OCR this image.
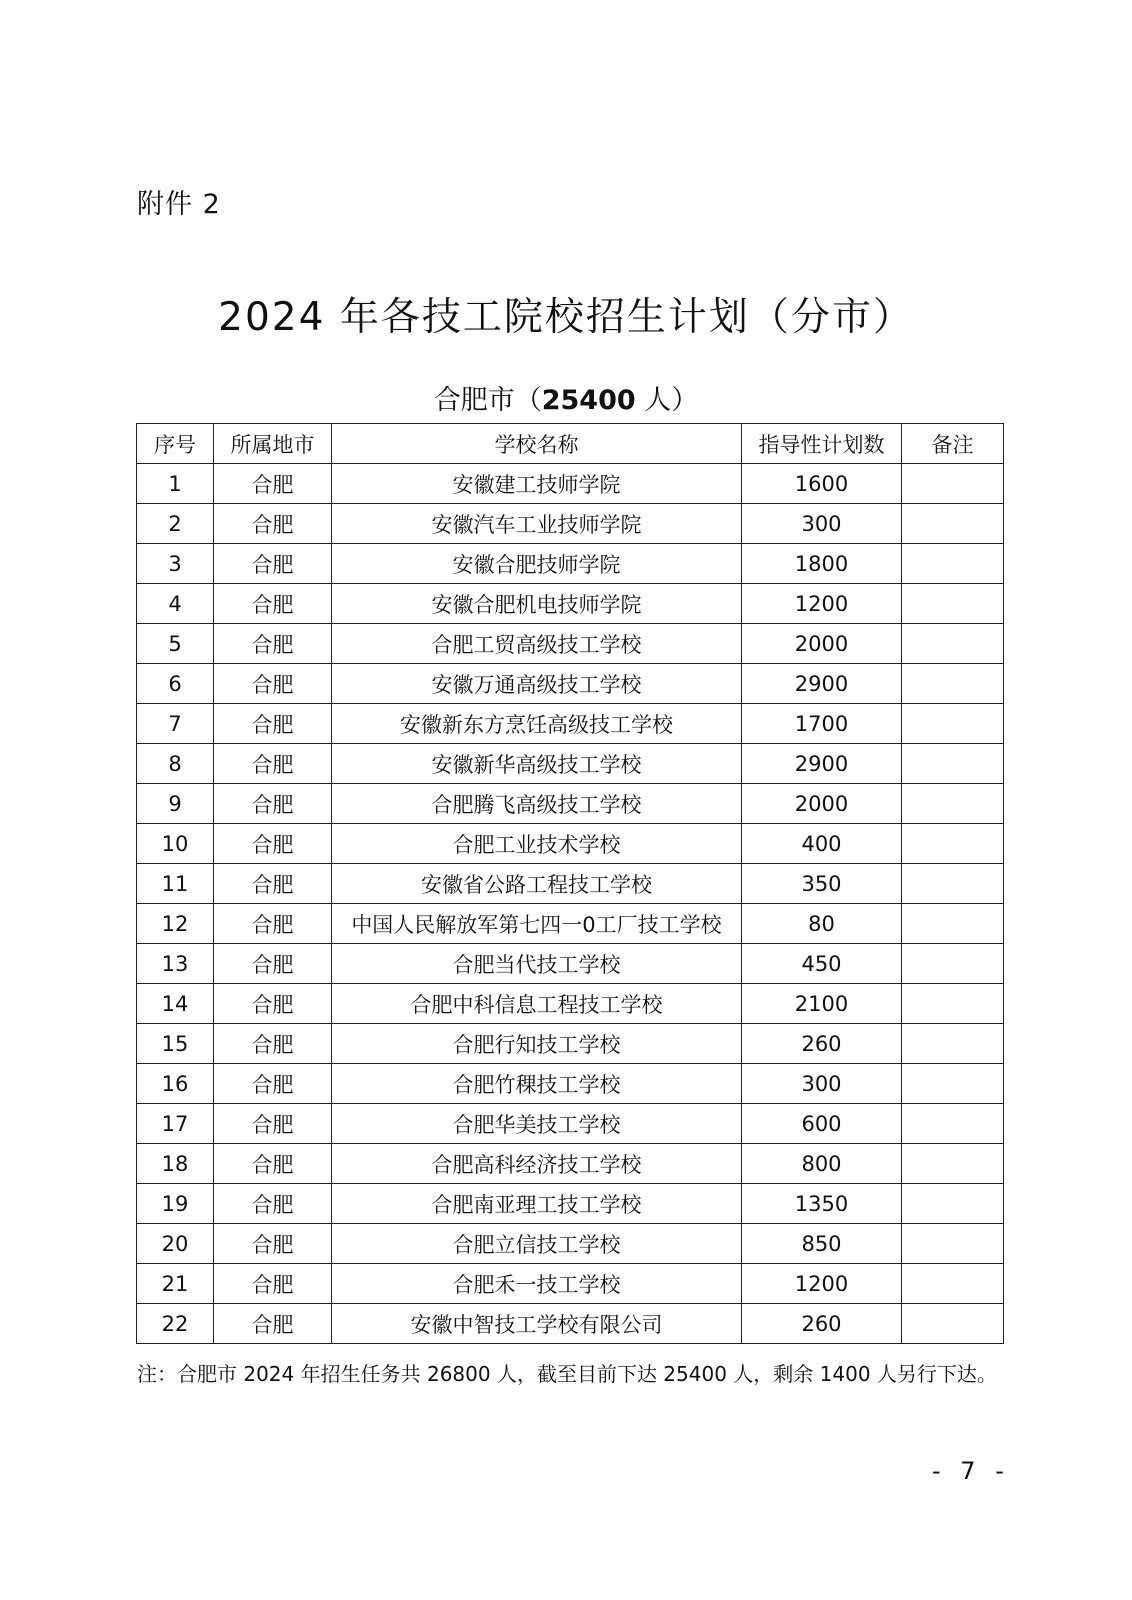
附件 2
2024 年各技工院校招生计划（分市）
合肥市（25400 人）
序号	所属地市	学校名称	指导性计划数	备注
1	合肥	安徽建工技师学院	1600	
2	合肥	安徽汽车工业技师学院	300	
3	合肥	安徽合肥技师学院	1800	
4	合肥	安徽合肥机电技师学院	1200	
5	合肥	合肥工贸高级技工学校	2000	
6	合肥	安徽万通高级技工学校	2900	
7	合肥	安徽新东方烹饪高级技工学校	1700	
8	合肥	安徽新华高级技工学校	2900	
9	合肥	合肥腾飞高级技工学校	2000	
10	合肥	合肥工业技术学校	400	
11	合肥	安徽省公路工程技工学校	350	
12	合肥	中国人民解放军第七四一0工厂技工学校	80	
13	合肥	合肥当代技工学校	450	
14	合肥	合肥中科信息工程技工学校	2100	
15	合肥	合肥行知技工学校	260	
16	合肥	合肥竹稞技工学校	300	
17	合肥	合肥华美技工学校	600	
18	合肥	合肥高科经济技工学校	800	
19	合肥	合肥南亚理工技工学校	1350	
20	合肥	合肥立信技工学校	850	
21	合肥	合肥禾一技工学校	1200	
22	合肥	安徽中智技工学校有限公司	260	
注：合肥市 2024 年招生任务共 26800 人，截至目前下达 25400 人，剩余 1400 人另行下达。
- 7 -
